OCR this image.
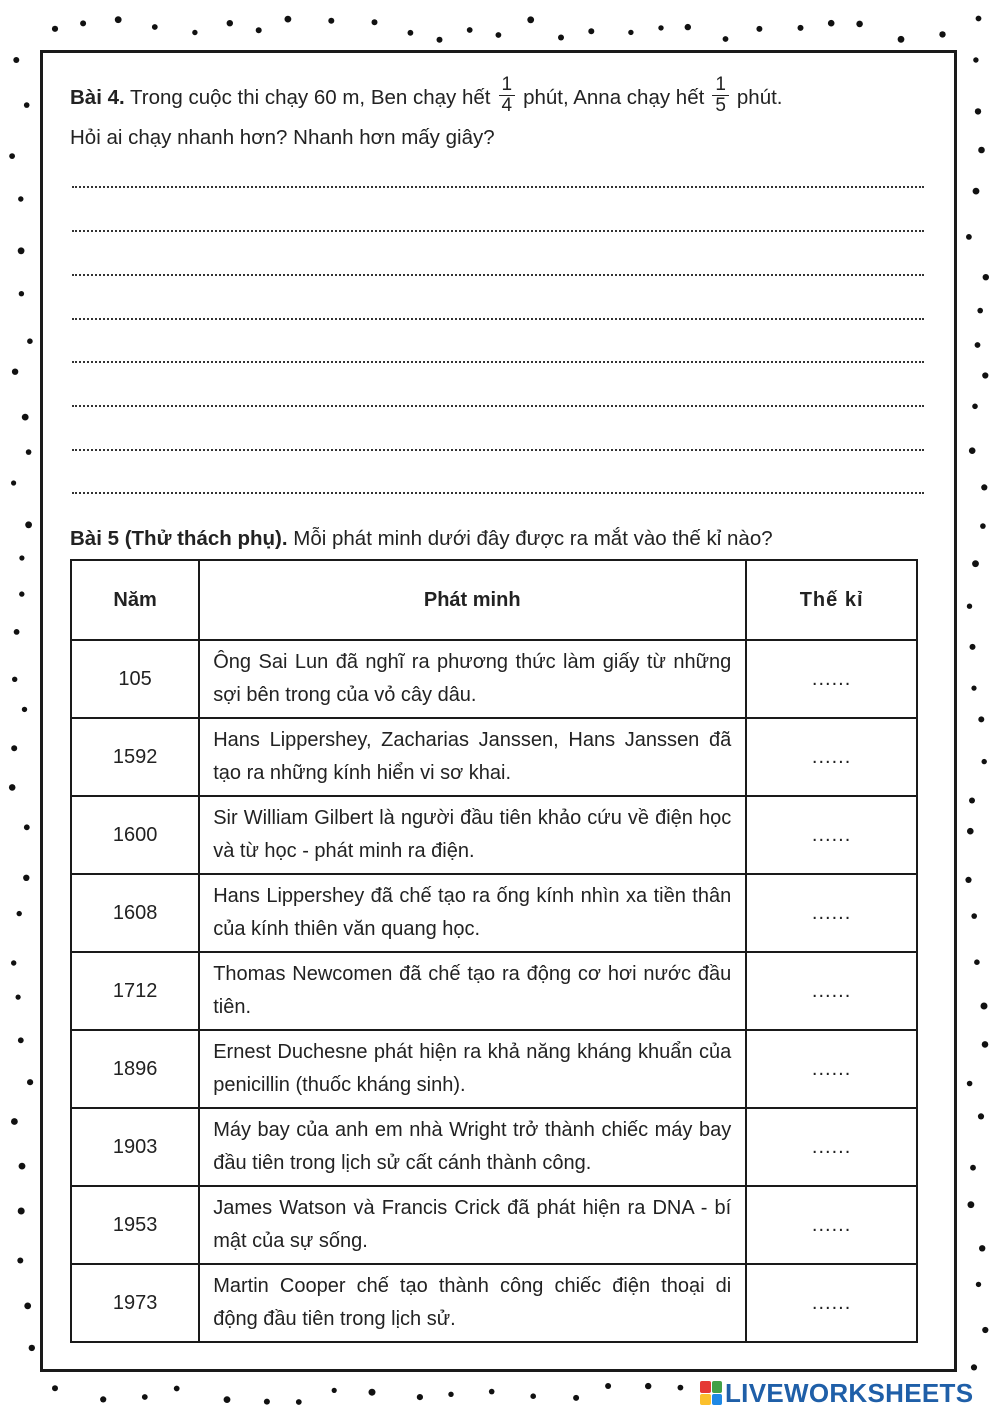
Bài 4. Trong cuộc thi chạy 60 m, Ben chạy hết $\frac{1}{4}$ phút, Anna chạy hết $\frac{1}{5}$ phút.
Hỏi ai chạy nhanh hơn? Nhanh hơn mấy giây?
Bài 5 (Thử thách phụ). Mỗi phát minh dưới đây được ra mắt vào thế kỉ nào?
Năm	Phát minh	Thế kỉ
105	Ông Sai Lun đã nghĩ ra phương thức làm giấy từ những sợi bên trong của vỏ cây dâu.	......
1592	Hans Lippershey, Zacharias Janssen, Hans Janssen đã tạo ra những kính hiển vi sơ khai.	......
1600	Sir William Gilbert là người đầu tiên khảo cứu về điện học và từ học - phát minh ra điện.	......
1608	Hans Lippershey đã chế tạo ra ống kính nhìn xa tiền thân của kính thiên văn quang học.	......
1712	Thomas Newcomen đã chế tạo ra động cơ hơi nước đầu tiên.	......
1896	Ernest Duchesne phát hiện ra khả năng kháng khuẩn của penicillin (thuốc kháng sinh).	......
1903	Máy bay của anh em nhà Wright trở thành chiếc máy bay đầu tiên trong lịch sử cất cánh thành công.	......
1953	James Watson và Francis Crick đã phát hiện ra DNA - bí mật của sự sống.	......
1973	Martin Cooper chế tạo thành công chiếc điện thoại di động đầu tiên trong lịch sử.	......
LIVEWORKSHEETS
